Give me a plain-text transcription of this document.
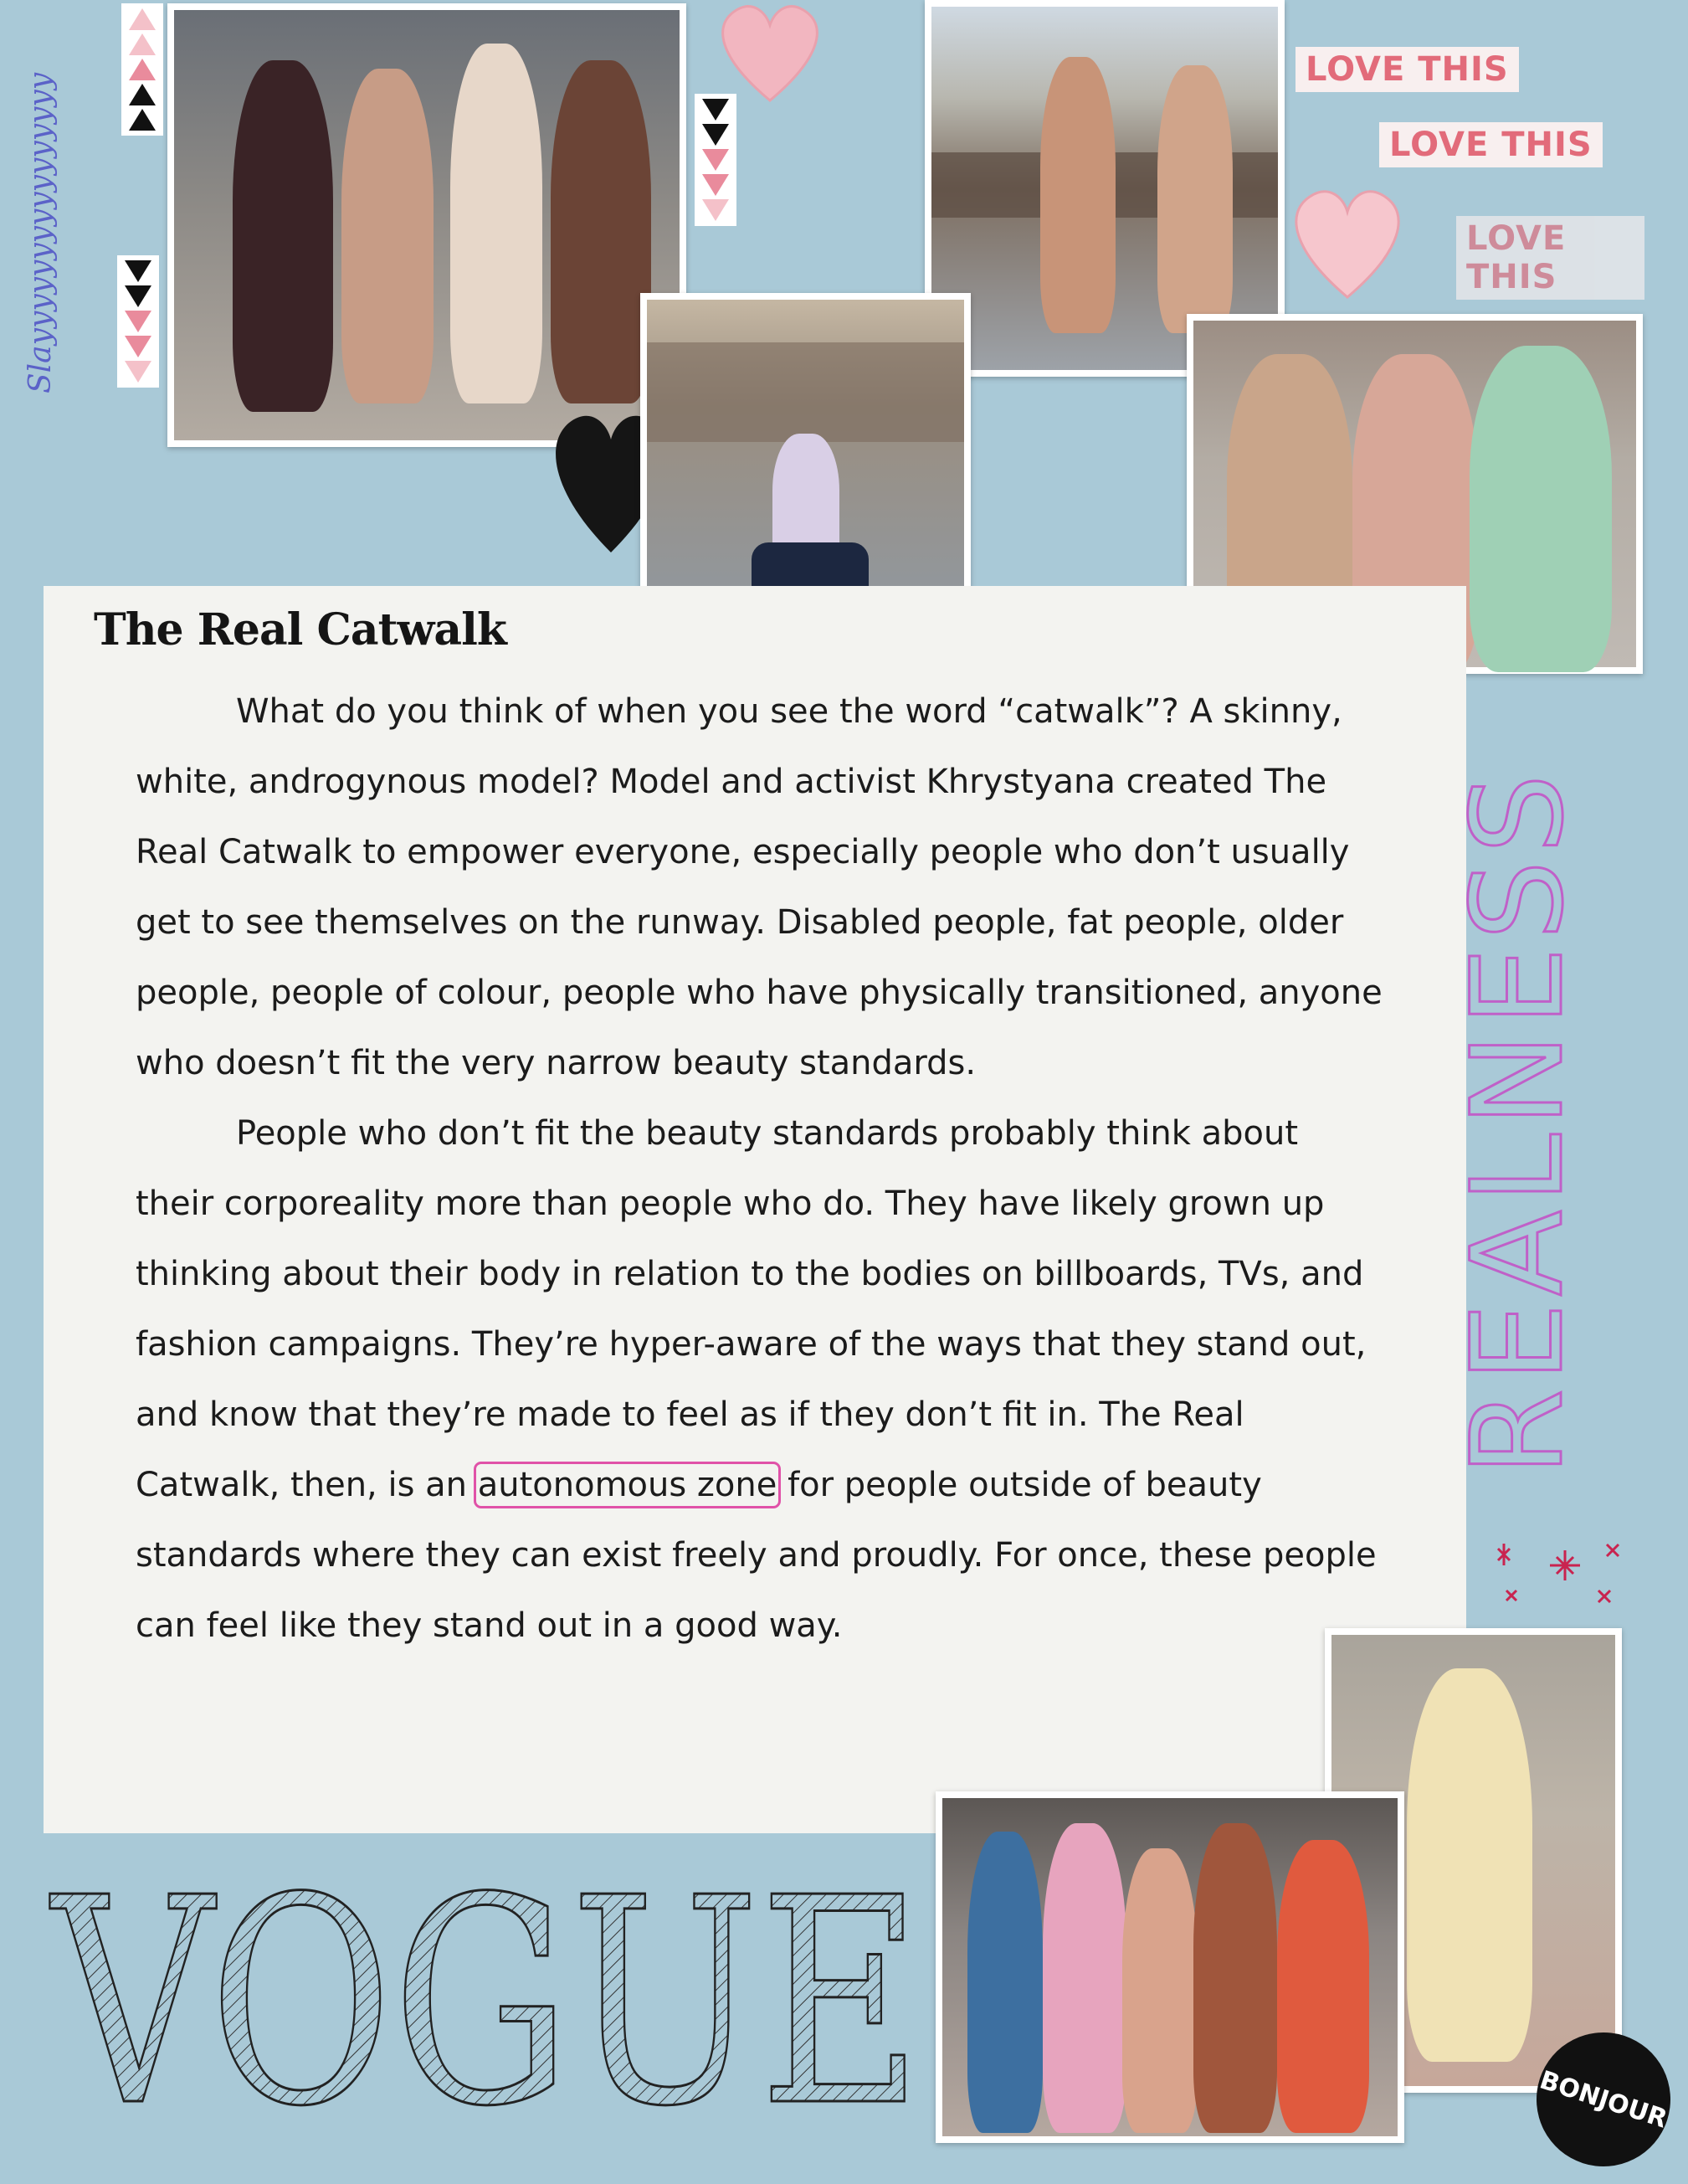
Slayyyyyyyyyyyyyyyy
LOVE THIS
LOVE THIS
LOVE THIS
The Real Catwalk

What do you think of when you see the word “catwalk”? A skinny, white, androgynous model? Model and activist Khrystyana created The Real Catwalk to empower everyone, especially people who don’t usually get to see themselves on the runway. Disabled people, fat people, older people, people of colour, people who have physically transitioned, anyone who doesn’t fit the very narrow beauty standards.

People who don’t fit the beauty standards probably think about their corporeality more than people who do. They have likely grown up thinking about their body in relation to the bodies on billboards, TVs, and fashion campaigns. They’re hyper-aware of the ways that they stand out, and know that they’re made to feel as if they don’t fit in. The Real Catwalk, then, is an autonomous zone for people outside of beauty standards where they can exist freely and proudly. For once, these people can feel like they stand out in a good way.

REALNESS
VOGUE	BONJOUR
